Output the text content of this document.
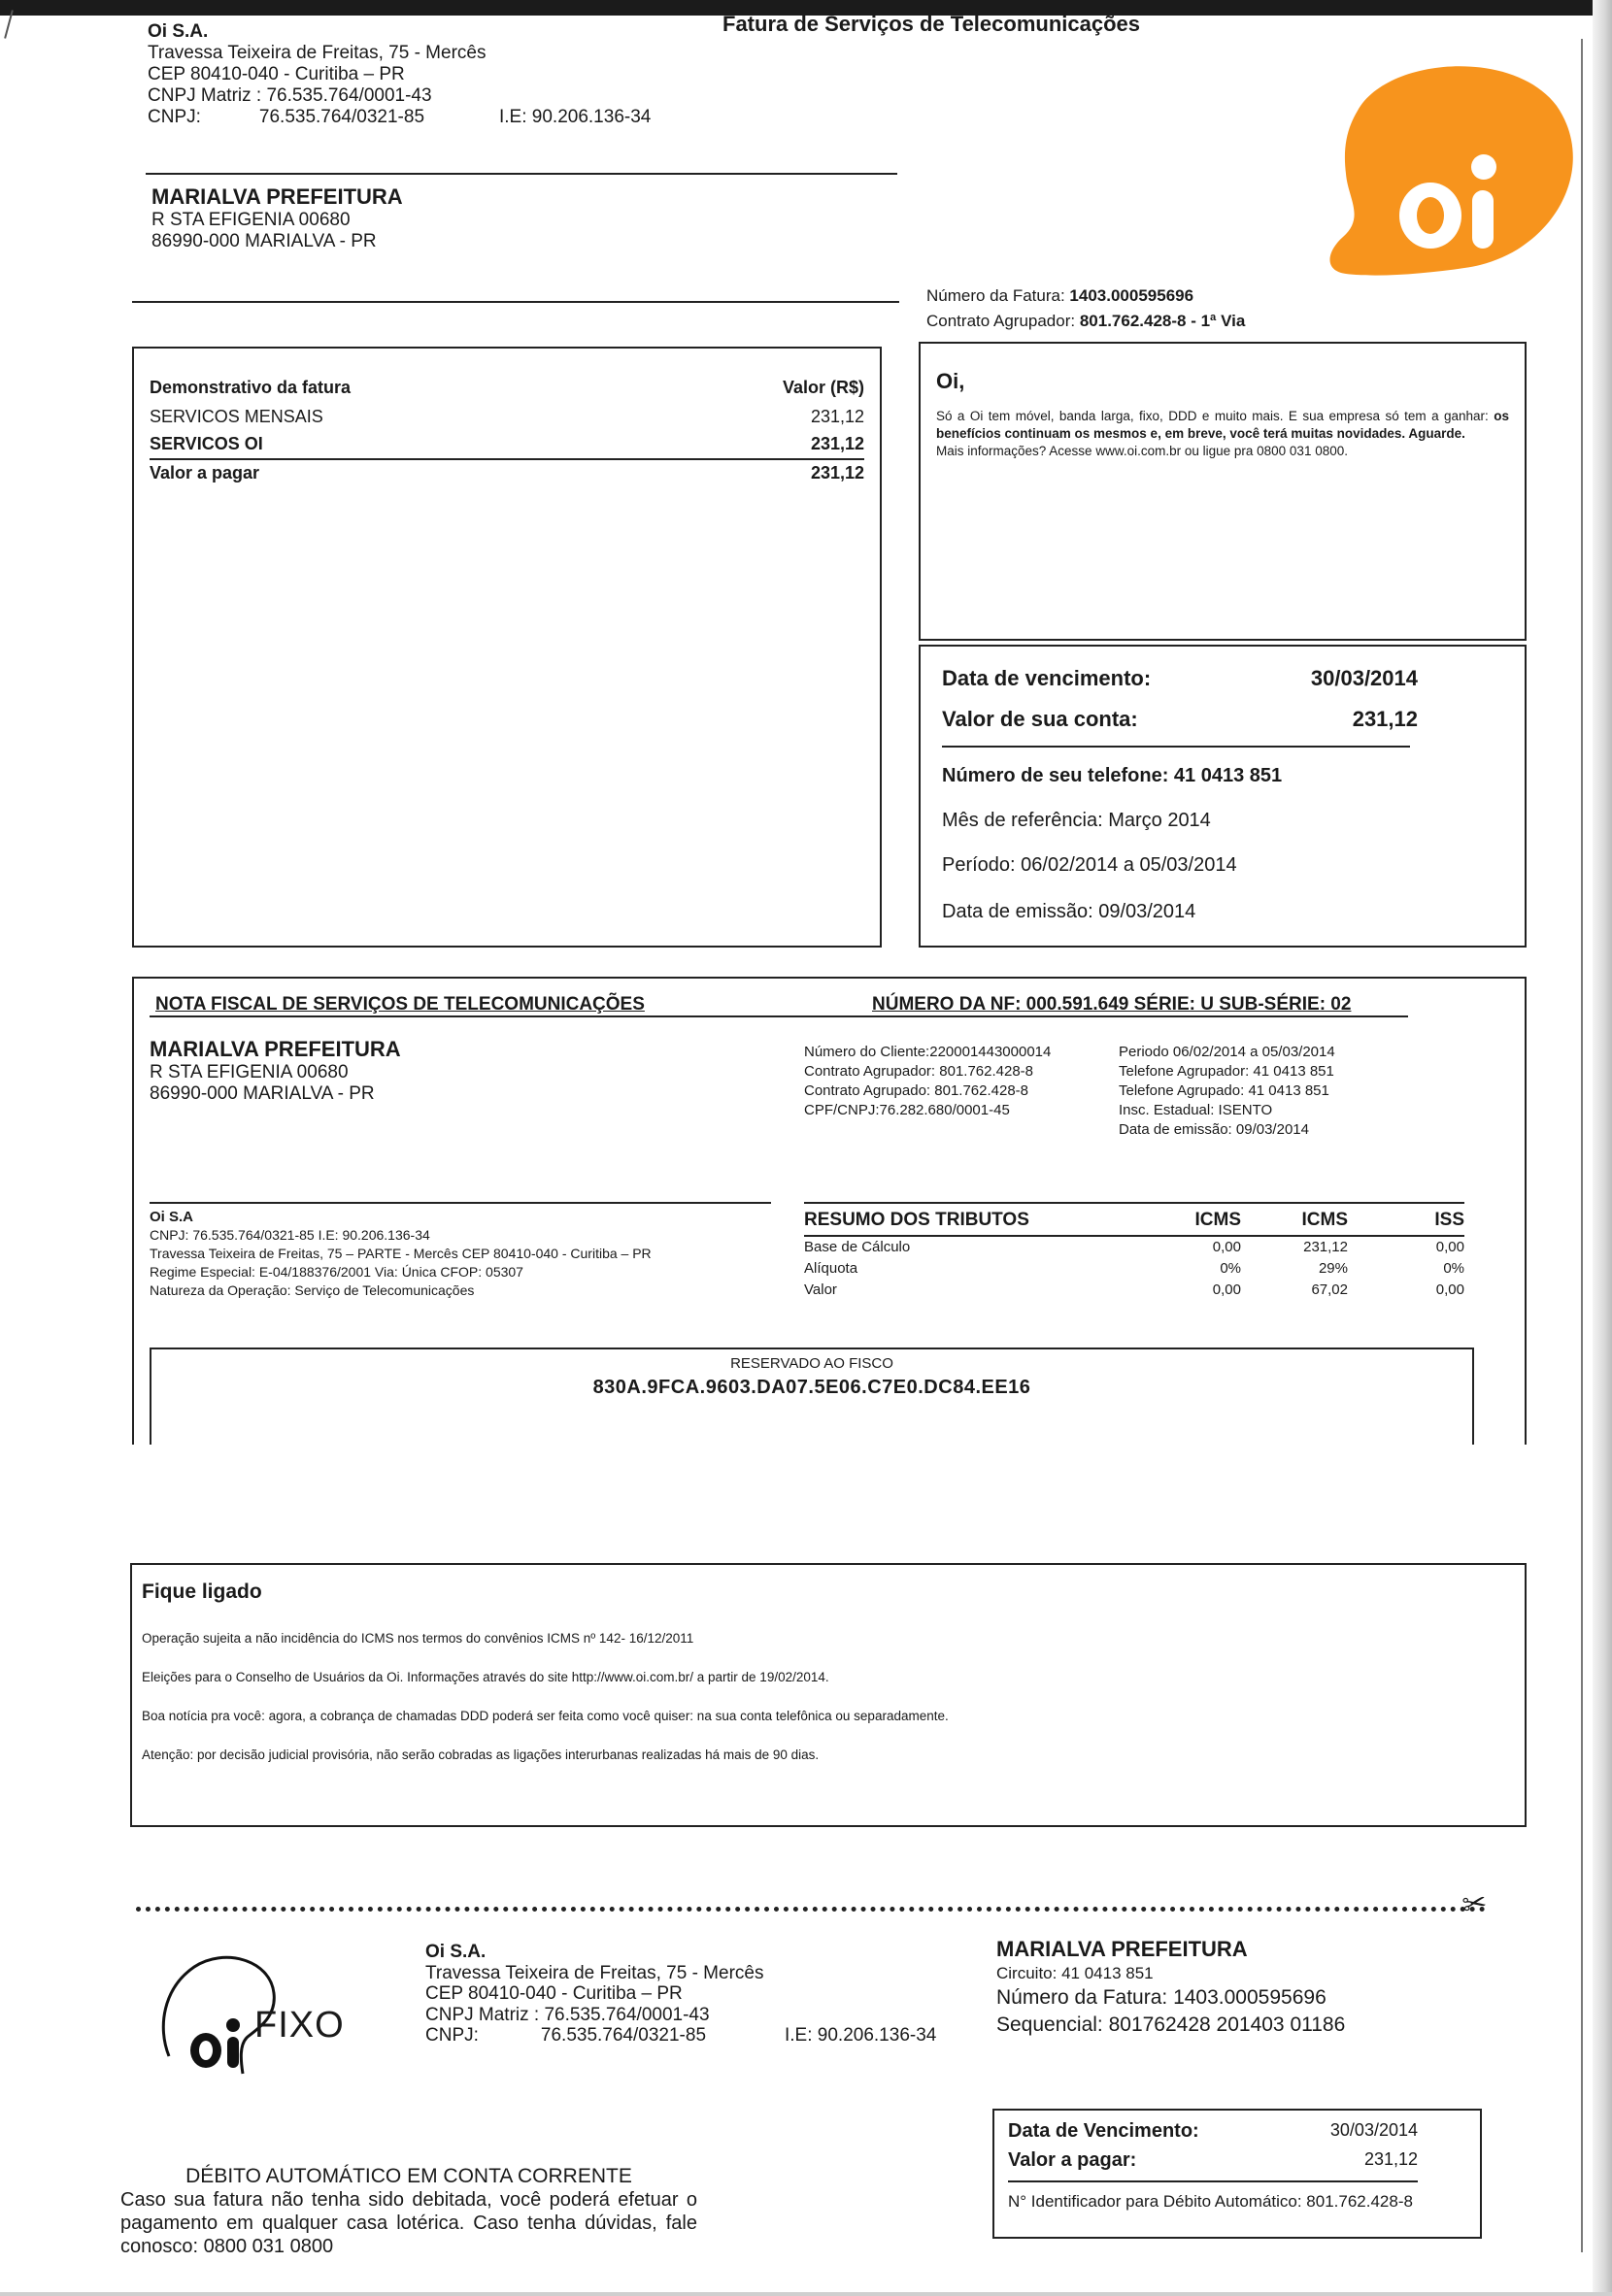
Oi S.A.
Travessa Teixeira de Freitas, 75 - Mercês
CEP 80410-040 - Curitiba – PR
CNPJ Matriz : 76.535.764/0001-43
CNPJ:	76.535.764/0321-85	I.E: 90.206.136-34
Fatura de Serviços de Telecomunicações
MARIALVA PREFEITURA
R STA EFIGENIA 00680
86990-000 MARIALVA - PR
Número da Fatura: 1403.000595696
Contrato Agrupador: 801.762.428-8 - 1ª Via
Demonstrativo da fatura	Valor (R$)
SERVICOS MENSAIS	231,12
SERVICOS OI	231,12
Valor a pagar	231,12
Oi,
Só a Oi tem móvel, banda larga, fixo, DDD e muito mais. E sua empresa só tem a ganhar: os benefícios continuam os mesmos e, em breve, você terá muitas novidades. Aguarde.
Mais informações? Acesse www.oi.com.br ou ligue pra 0800 031 0800.
Data de vencimento:	30/03/2014
Valor de sua conta:	231,12
Número de seu telefone: 41 0413 851
Mês de referência: Março 2014
Período: 06/02/2014 a 05/03/2014
Data de emissão: 09/03/2014
NOTA FISCAL DE SERVIÇOS DE TELECOMUNICAÇÕES	NÚMERO DA NF: 000.591.649 SÉRIE: U SUB-SÉRIE: 02
MARIALVA PREFEITURA
R STA EFIGENIA 00680
86990-000 MARIALVA - PR
Número do Cliente:220001443000014
Contrato Agrupador: 801.762.428-8
Contrato Agrupado: 801.762.428-8
CPF/CNPJ:76.282.680/0001-45
Periodo 06/02/2014 a 05/03/2014
Telefone Agrupador: 41 0413 851
Telefone Agrupado: 41 0413 851
Insc. Estadual: ISENTO
Data de emissão: 09/03/2014
Oi S.A
CNPJ: 76.535.764/0321-85 I.E: 90.206.136-34
Travessa Teixeira de Freitas, 75 – PARTE - Mercês CEP 80410-040 - Curitiba – PR
Regime Especial: E-04/188376/2001 Via: Única CFOP: 05307
Natureza da Operação: Serviço de Telecomunicações
RESUMO DOS TRIBUTOS	ICMS	ICMS	ISS
Base de Cálculo	0,00	231,12	0,00
Alíquota	0%	29%	0%
Valor	0,00	67,02	0,00
RESERVADO AO FISCO
830A.9FCA.9603.DA07.5E06.C7E0.DC84.EE16
Fique ligado
Operação sujeita a não incidência do ICMS nos termos do convênios ICMS nº 142- 16/12/2011
Eleições para o Conselho de Usuários da Oi. Informações através do site http://www.oi.com.br/ a partir de 19/02/2014.
Boa notícia pra você: agora, a cobrança de chamadas DDD poderá ser feita como você quiser: na sua conta telefônica ou separadamente.
Atenção: por decisão judicial provisória, não serão cobradas as ligações interurbanas realizadas há mais de 90 dias.
✂
FIXO
Oi S.A.
Travessa Teixeira de Freitas, 75 - Mercês
CEP 80410-040 - Curitiba – PR
CNPJ Matriz : 76.535.764/0001-43
CNPJ:	76.535.764/0321-85	I.E: 90.206.136-34
MARIALVA PREFEITURA
Circuito: 41 0413 851
Número da Fatura: 1403.000595696
Sequencial: 801762428 201403 01186
Data de Vencimento:	30/03/2014
Valor a pagar:	231,12
N° Identificador para Débito Automático: 801.762.428-8
DÉBITO AUTOMÁTICO EM CONTA CORRENTE
Caso sua fatura não tenha sido debitada, você poderá efetuar o pagamento em qualquer casa lotérica. Caso tenha dúvidas, fale conosco: 0800 031 0800
